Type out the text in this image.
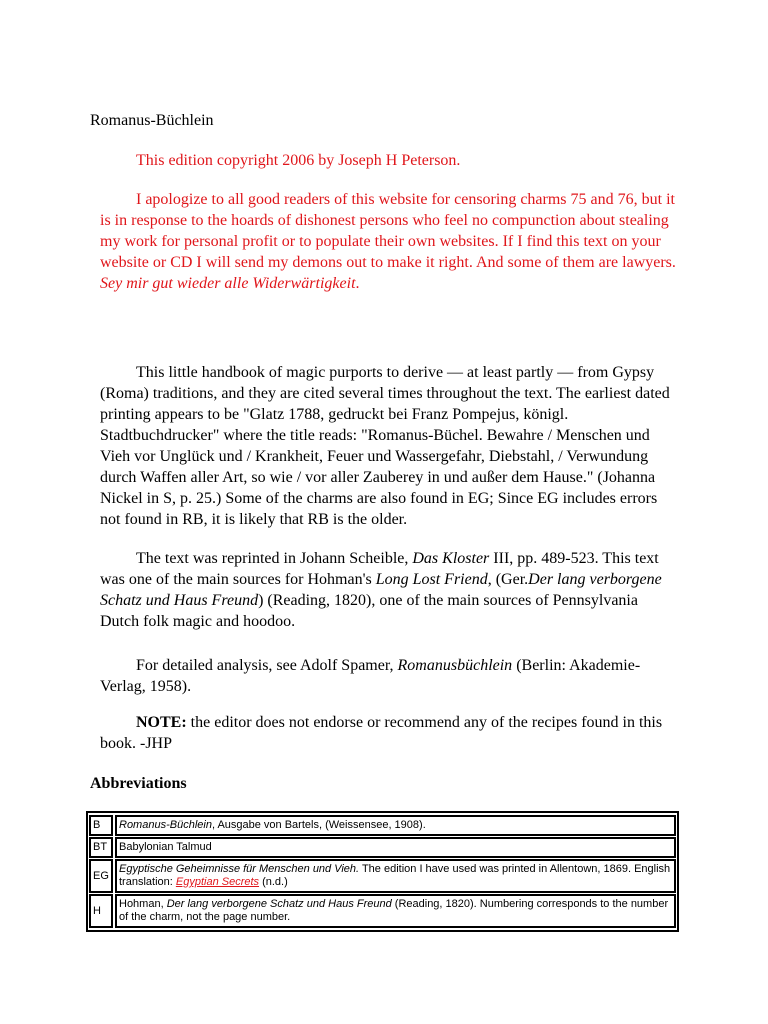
Romanus-Büchlein

This edition copyright 2006 by Joseph H Peterson.

I apologize to all good readers of this website for censoring charms 75 and 76, but it is in response to the hoards of dishonest persons who feel no compunction about stealing my work for personal profit or to populate their own websites. If I find this text on your website or CD I will send my demons out to make it right. And some of them are lawyers. Sey mir gut wieder alle Widerwärtigkeit.

This little handbook of magic purports to derive — at least partly — from Gypsy (Roma) traditions, and they are cited several times throughout the text. The earliest dated printing appears to be "Glatz 1788, gedruckt bei Franz Pompejus, königl. Stadtbuchdrucker" where the title reads: "Romanus-Büchel. Bewahre / Menschen und Vieh vor Unglück und / Krankheit, Feuer und Wassergefahr, Diebstahl, / Verwundung durch Waffen aller Art, so wie / vor aller Zauberey in und außer dem Hause." (Johanna Nickel in S, p. 25.) Some of the charms are also found in EG; Since EG includes errors not found in RB, it is likely that RB is the older.

The text was reprinted in Johann Scheible, Das Kloster III, pp. 489-523. This text was one of the main sources for Hohman's Long Lost Friend, (Ger.Der lang verborgene Schatz und Haus Freund) (Reading, 1820), one of the main sources of Pennsylvania Dutch folk magic and hoodoo.

For detailed analysis, see Adolf Spamer, Romanusbüchlein (Berlin: Akademie-Verlag, 1958).

NOTE: the editor does not endorse or recommend any of the recipes found in this book. -JHP

Abbreviations
B	Romanus-Büchlein, Ausgabe von Bartels, (Weissensee, 1908).
BT	Babylonian Talmud
EG
Egyptische Geheimnisse für Menschen und Vieh. The edition I have used was printed in Allentown, 1869. English translation: Egyptian Secrets (n.d.)
H
Hohman, Der lang verborgene Schatz und Haus Freund (Reading, 1820). Numbering corresponds to the number of the charm, not the page number.
